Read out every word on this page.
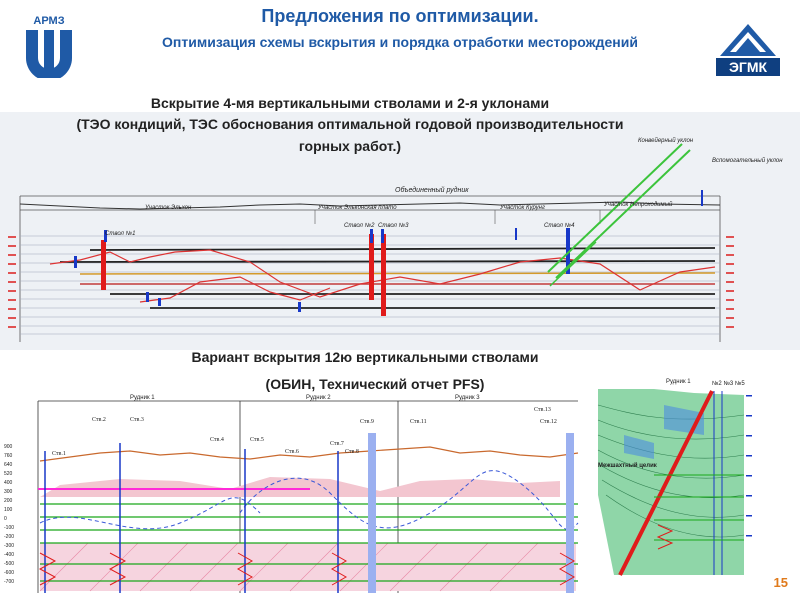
АРМЗ	Предложения по оптимизации.
Оптимизация схемы вскрытия и порядка отработки месторождений
ЭГМК
Объединенный рудник
Участок Эльхон	Участок Эльконская плато	Участок Курунг	Участок Непроходимый
Ствол №1
Ствол №2 Ствол №3	Ствол №4
Конвейерный уклон
Вспомогательный уклон
Вскрытие 4-мя вертикальными стволами и 2-я уклонами
(ТЭО кондиций, ТЭС обоснования оптимальной годовой производительности
горных работ.)
Вариант вскрытия 12ю вертикальными стволами
(ОБИН, Технический отчет PFS)
Рудник 1	Рудник 2	Рудник 3
900
760
640
520
400
300
200
100
0
-100
-200
-300
-400
-500
-600
-700
Ств.1
Ств.2	Ств.3
Ств.4	Ств.5
Ств.6
Ств.7
Ств.8
Ств.9	Ств.11	Ств.12
Ств.13
Рудник 1	№2 №3 №5
Межшахтный целик
15
